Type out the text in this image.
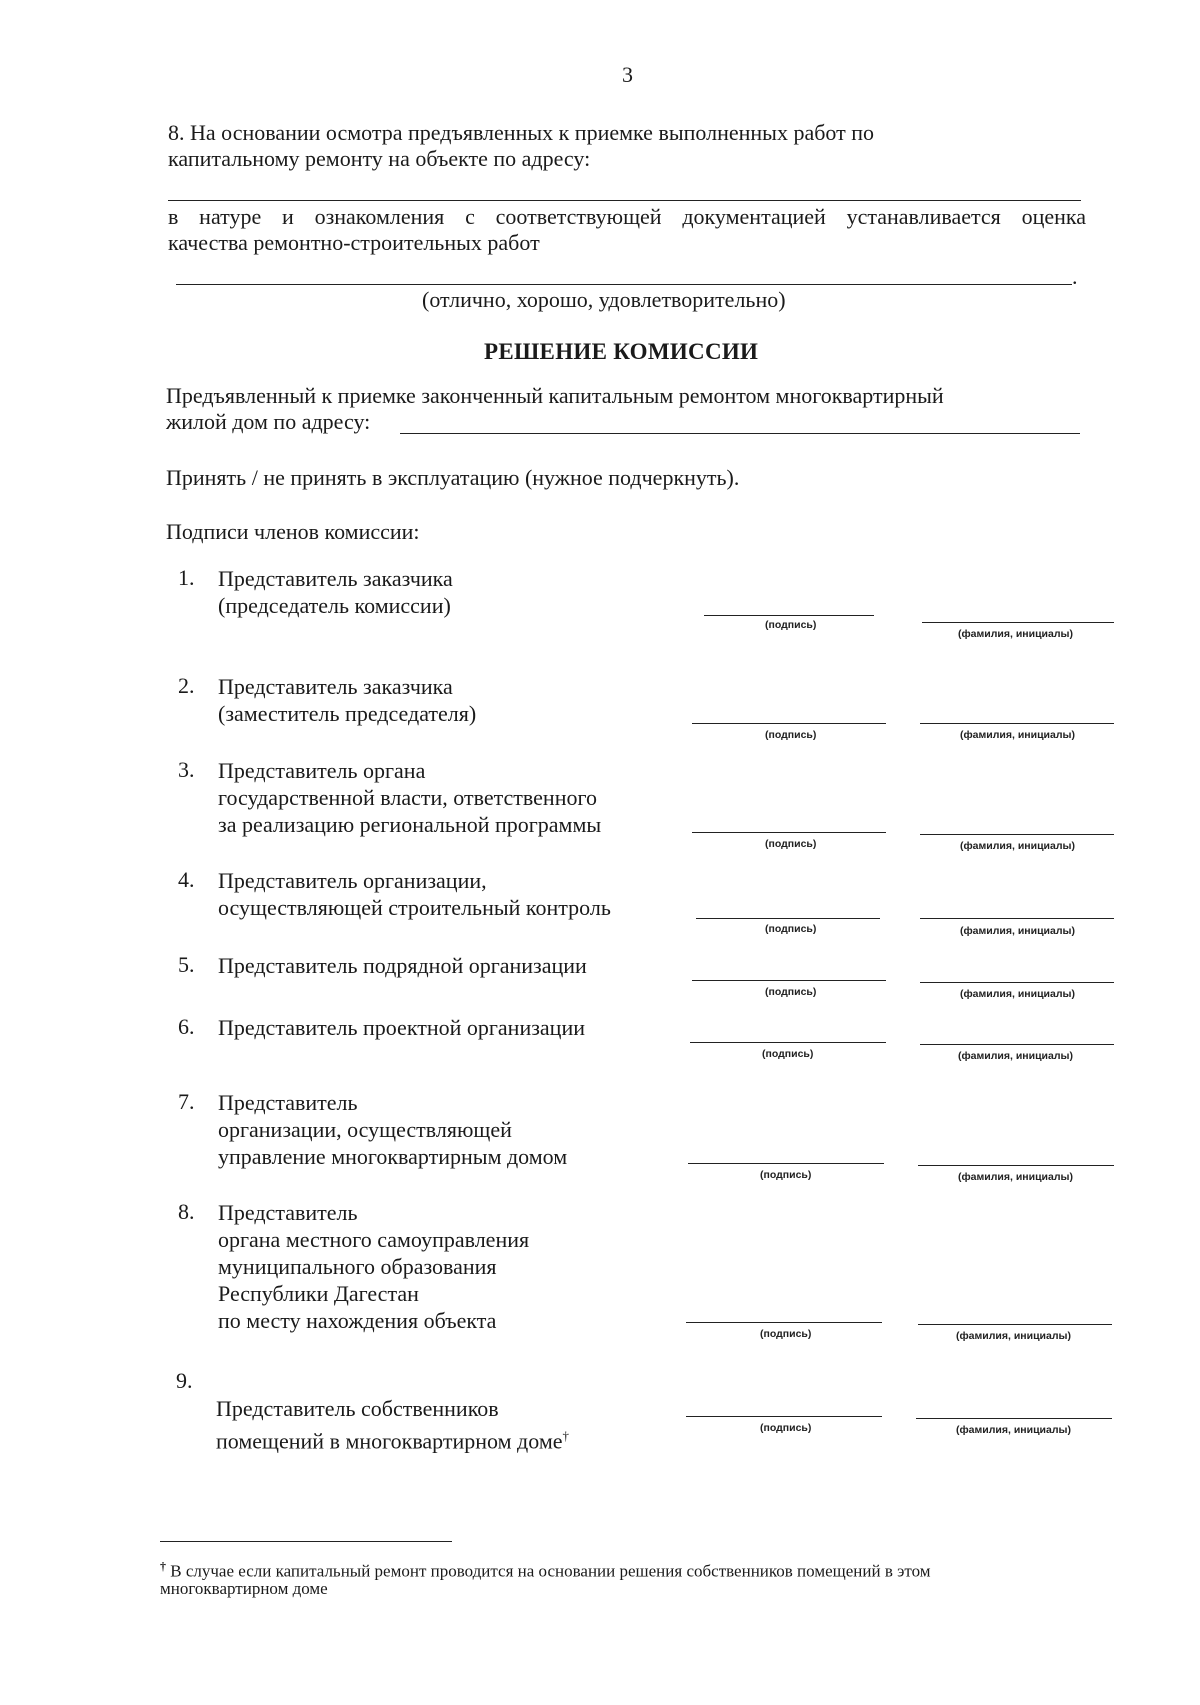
3
8. На основании осмотра предъявленных к приемке выполненных работ по
капитальному ремонту на объекте по адресу:
в натуре и ознакомления с соответствующей документацией устанавливается оценка
качества ремонтно-строительных работ
.
(отлично, хорошо, удовлетворительно)
РЕШЕНИЕ КОМИССИИ
Предъявленный к приемке законченный капитальным ремонтом многоквартирный
жилой дом по адресу:
Принять / не принять в эксплуатацию (нужное подчеркнуть).
Подписи членов комиссии:
1. Представитель заказчика
(председатель комиссии)
(подпись)
(фамилия, инициалы)
2. Представитель заказчика
(заместитель председателя)
(подпись)	(фамилия, инициалы)
3. Представитель органа
государственной власти, ответственного
за реализацию региональной программы
(подпись)	(фамилия, инициалы)
4. Представитель организации,
осуществляющей строительный контроль
(подпись)	(фамилия, инициалы)
5. Представитель подрядной организации
(подпись)	(фамилия, инициалы)
6. Представитель проектной организации
(подпись)	(фамилия, инициалы)
7. Представитель
организации, осуществляющей
управление многоквартирным домом
(подпись)	(фамилия, инициалы)
8. Представитель
органа местного самоуправления
муниципального образования
Республики Дагестан
по месту нахождения объекта
(подпись)	(фамилия, инициалы)
9.

Представитель собственников
помещений в многоквартирном доме†	(подпись)	(фамилия, инициалы)
† В случае если капитальный ремонт проводится на основании решения собственников помещений в этом
многоквартирном доме
